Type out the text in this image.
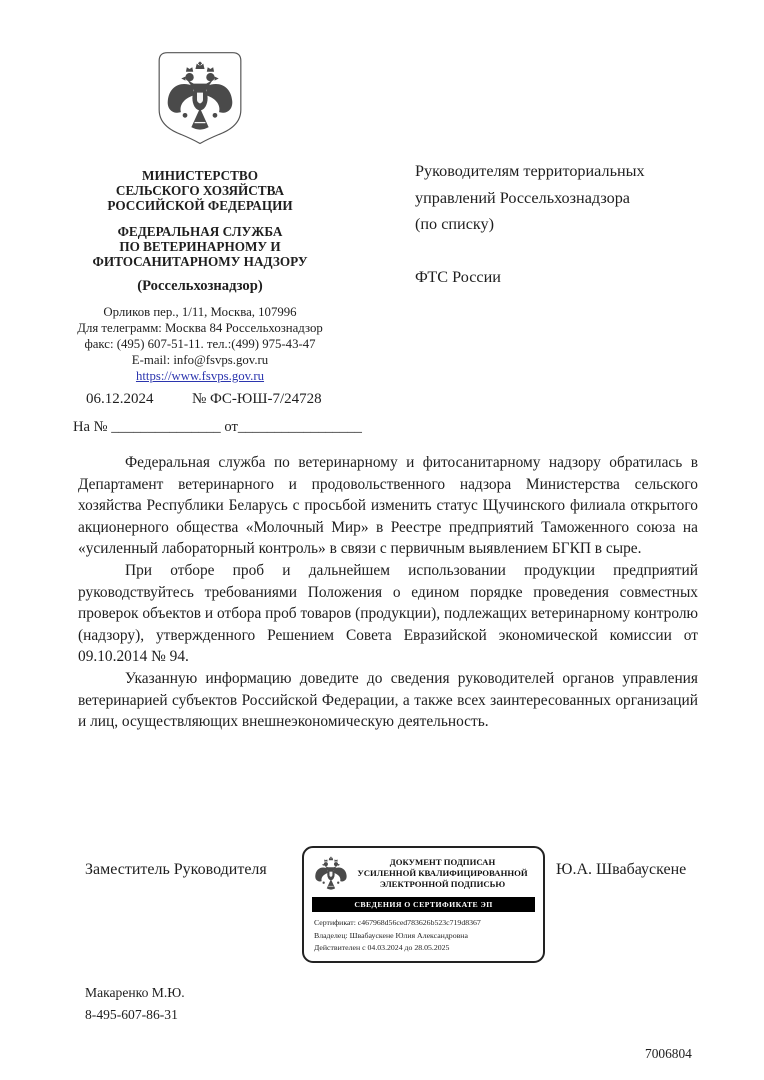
МИНИСТЕРСТВО
СЕЛЬСКОГО ХОЗЯЙСТВА
РОССИЙСКОЙ ФЕДЕРАЦИИ
ФЕДЕРАЛЬНАЯ СЛУЖБА
ПО ВЕТЕРИНАРНОМУ И
ФИТОСАНИТАРНОМУ НАДЗОРУ
(Россельхознадзор)
Орликов пер., 1/11, Москва, 107996
Для телеграмм: Москва 84 Россельхознадзор
факс: (495) 607-51-11. тел.:(499) 975-43-47
E-mail: info@fsvps.gov.ru
https://www.fsvps.gov.ru
06.12.2024	№ ФС-ЮШ-7/24728
На № _______________ от_________________
Руководителям территориальных
управлений Россельхознадзора
(по списку)
ФТС России

Федеральная служба по ветеринарному и фитосанитарному надзору обратилась в Департамент ветеринарного и продовольственного надзора Министерства сельского хозяйства Республики Беларусь с просьбой изменить статус Щучинского филиала открытого акционерного общества «Молочный Мир» в Реестре предприятий Таможенного союза на «усиленный лабораторный контроль» в связи с первичным выявлением БГКП в сыре.

При отборе проб и дальнейшем использовании продукции предприятий руководствуйтесь требованиями Положения о едином порядке проведения совместных проверок объектов и отбора проб товаров (продукции), подлежащих ветеринарному контролю (надзору), утвержденного Решением Совета Евразийской экономической комиссии от 09.10.2014 № 94.

Указанную информацию доведите до сведения руководителей органов управления ветеринарией субъектов Российской Федерации, а также всех заинтересованных организаций и лиц, осуществляющих внешнеэкономическую деятельность.

Заместитель Руководителя	ДОКУМЕНТ ПОДПИСАН
УСИЛЕННОЙ КВАЛИФИЦИРОВАННОЙ
ЭЛЕКТРОННОЙ ПОДПИСЬЮ
СВЕДЕНИЯ О СЕРТИФИКАТЕ ЭП
Сертификат: c467968d56ced783626b523c719d8367
Владелец: Швабаускене Юлия Александровна
Действителен с 04.03.2024 до 28.05.2025
Ю.А. Швабаускене
Макаренко М.Ю.
8-495-607-86-31
7006804
